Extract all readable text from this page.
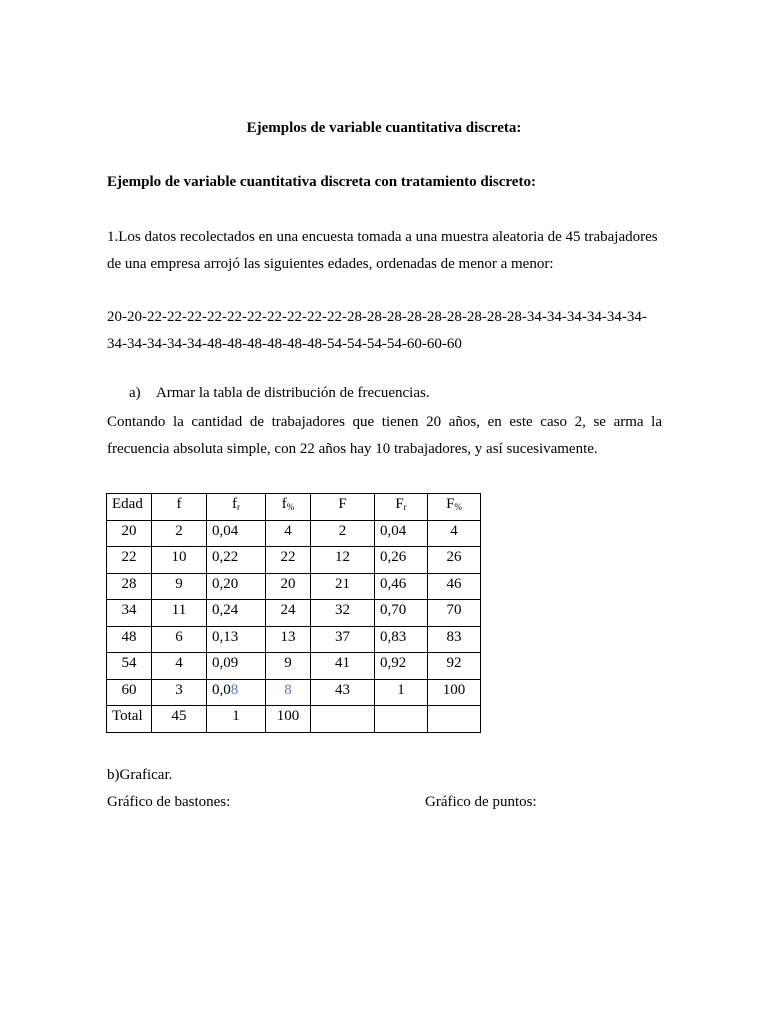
Ejemplos de variable cuantitativa discreta:
Ejemplo de variable cuantitativa discreta con tratamiento discreto:
1.Los datos recolectados en una encuesta tomada a una muestra aleatoria de 45 trabajadores de una empresa arrojó las siguientes edades, ordenadas de menor a menor:
20-20-22-22-22-22-22-22-22-22-22-22-28-28-28-28-28-28-28-28-28-34-34-34-34-34-34-
34-34-34-34-34-48-48-48-48-48-48-54-54-54-54-60-60-60
a) Armar la tabla de distribución de frecuencias.
Contando la cantidad de trabajadores que tienen 20 años, en este caso 2, se arma la frecuencia absoluta simple, con 22 años hay 10 trabajadores, y así sucesivamente.
Edad	f	$f_r$	$f_{\%}$	F	$F_r$	$F_{\%}$
20	2	0,04	4	2	0,04	4
22	10	0,22	22	12	0,26	26
28	9	0,20	20	21	0,46	46
34	11	0,24	24	32	0,70	70
48	6	0,13	13	37	0,83	83
54	4	0,09	9	41	0,92	92
60	3	0,08	8	43	1	100
Total	45	1	100			
b)Graficar.
Gráfico de bastones:	Gráfico de puntos:
